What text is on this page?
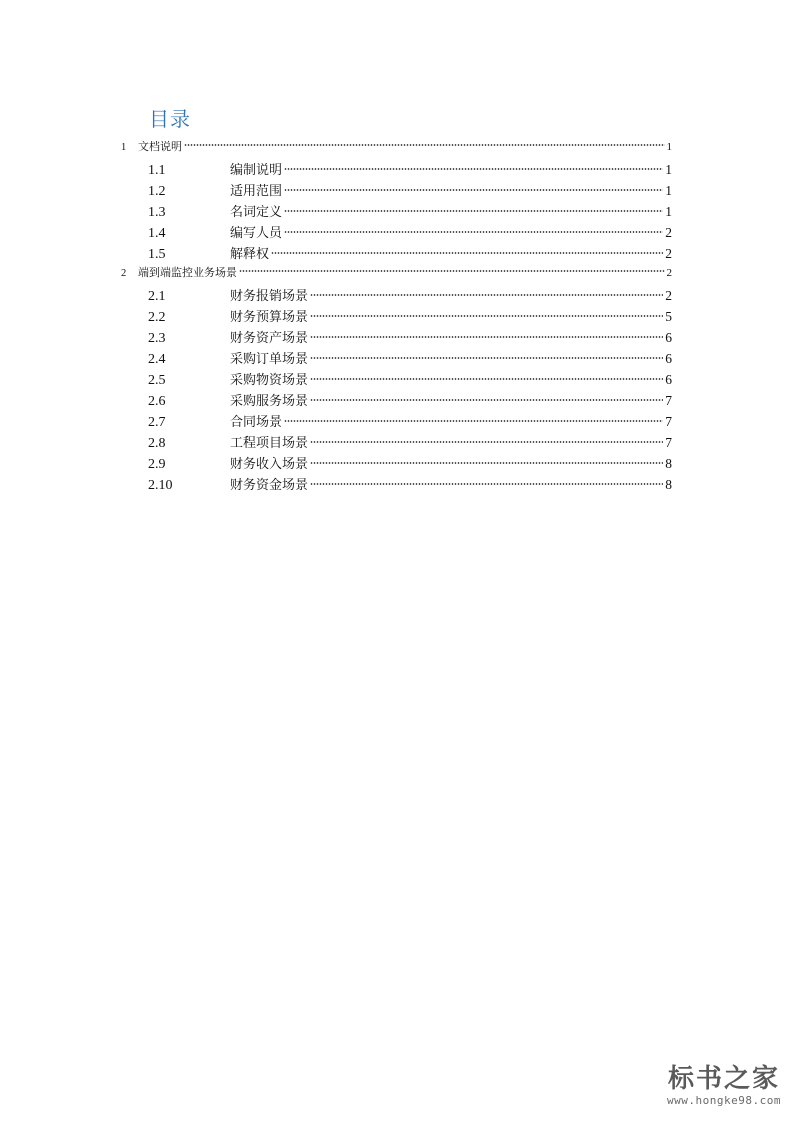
目录
1	文档说明	1
1.1	编制说明	1
1.2	适用范围	1
1.3	名词定义	1
1.4	编写人员	2
1.5	解释权	2
2	端到端监控业务场景	2
2.1	财务报销场景	2
2.2	财务预算场景	5
2.3	财务资产场景	6
2.4	采购订单场景	6
2.5	采购物资场景	6
2.6	采购服务场景	7
2.7	合同场景	7
2.8	工程项目场景	7
2.9	财务收入场景	8
2.10	财务资金场景	8
标书之家
www.hongke98.com
